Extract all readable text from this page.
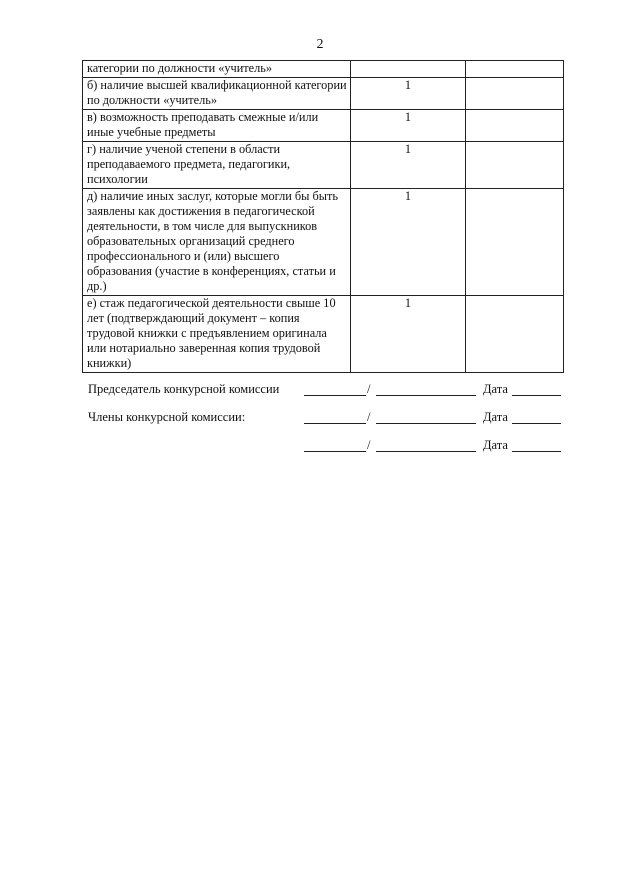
2
категории по должности «учитель»		
б) наличие высшей квалификационной категории по должности «учитель»	1	
в) возможность преподавать смежные и/или иные учебные предметы	1	
г) наличие ученой степени в области преподаваемого предмета, педагогики, психологии	1	
д) наличие иных заслуг, которые могли бы быть заявлены как достижения в педагогической деятельности, в том числе для выпускников образовательных организаций среднего профессионального и (или) высшего образования (участие в конференциях, статьи и др.)	1	
е) стаж педагогической деятельности свыше 10 лет (подтверждающий документ – копия трудовой книжки с предъявлением оригинала или нотариально заверенная копия трудовой книжки)	1	
Председатель конкурсной комиссии	/	Дата
Члены конкурсной комиссии:	/	Дата
/	Дата
